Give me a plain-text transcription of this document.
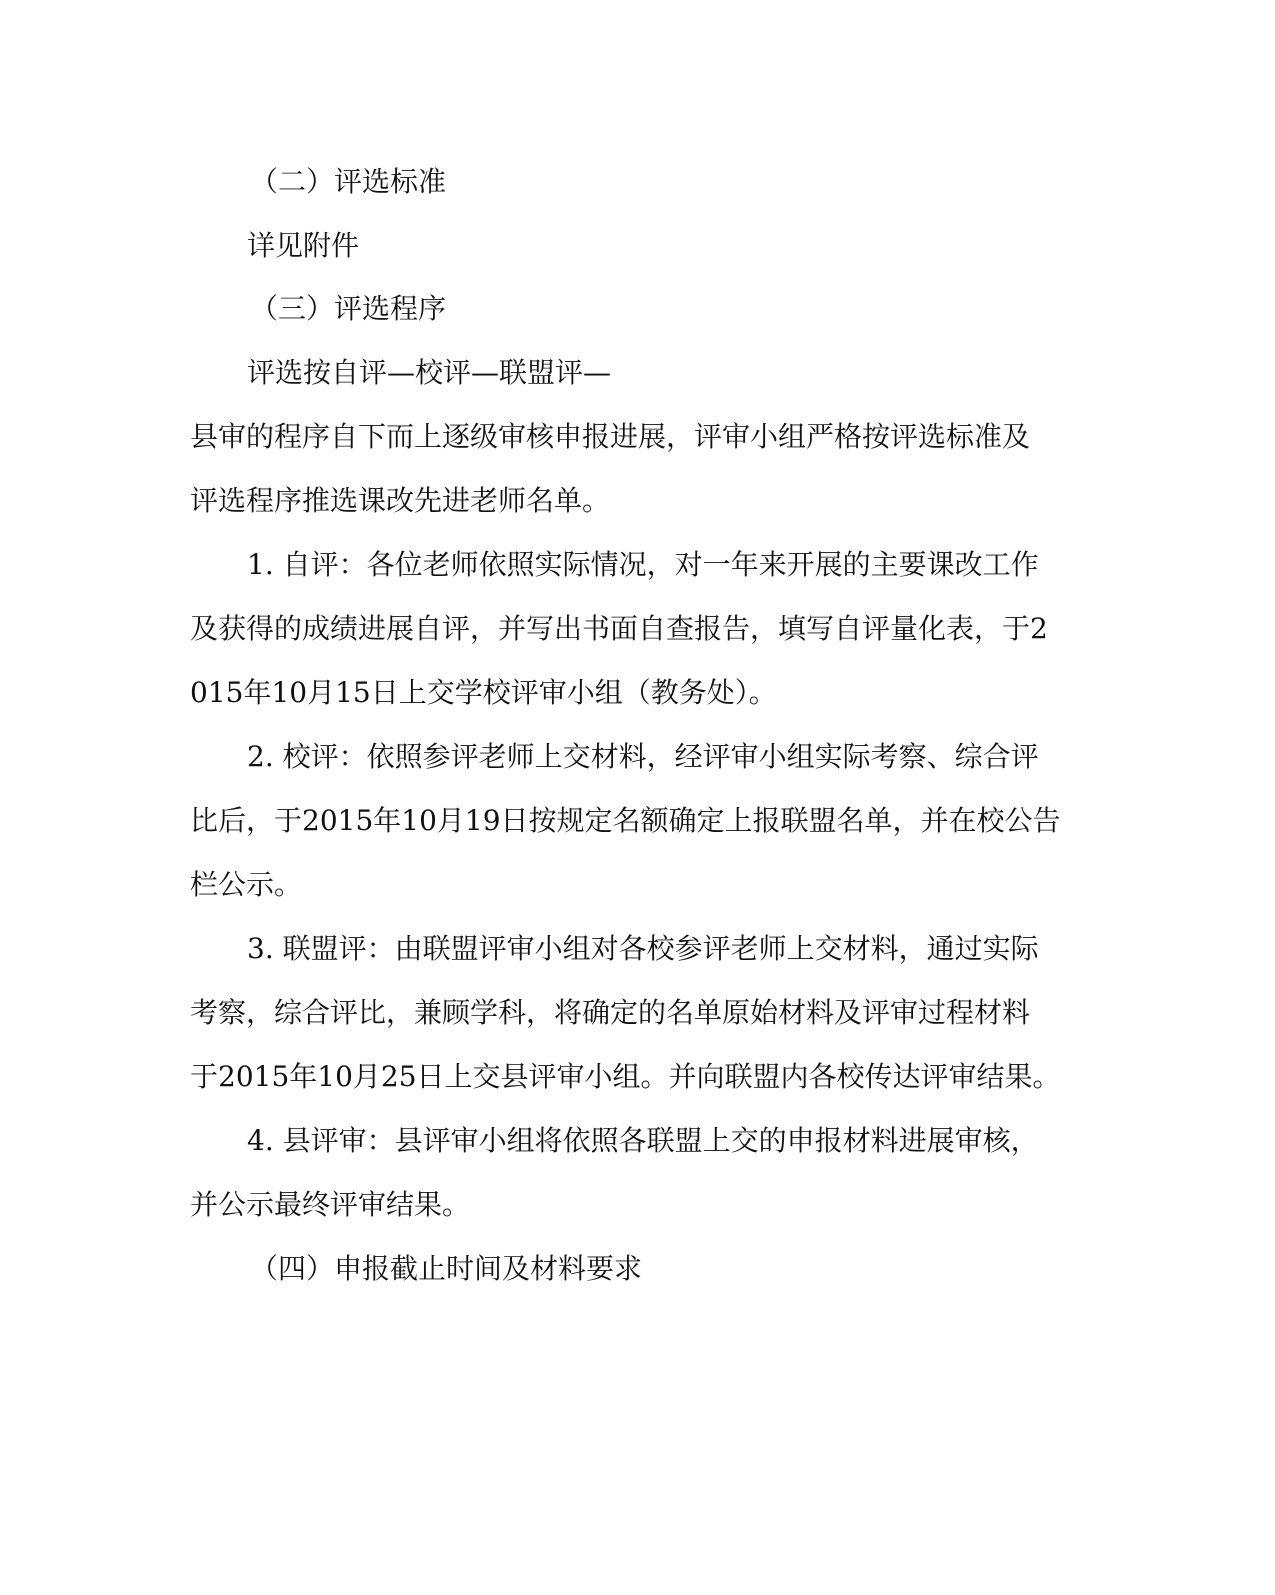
（二）评选标准
详见附件
（三）评选程序
评选按自评—校评—联盟评—
县审的程序自下而上逐级审核申报进展，评审小组严格按评选标准及
评选程序推选课改先进老师名单。
1. 自评：各位老师依照实际情况，对一年来开展的主要课改工作
及获得的成绩进展自评，并写出书面自查报告，填写自评量化表，于2
015年10月15日上交学校评审小组（教务处）。
2. 校评：依照参评老师上交材料，经评审小组实际考察、综合评
比后，于2015年10月19日按规定名额确定上报联盟名单，并在校公告
栏公示。
3. 联盟评：由联盟评审小组对各校参评老师上交材料，通过实际
考察，综合评比，兼顾学科，将确定的名单原始材料及评审过程材料
于2015年10月25日上交县评审小组。并向联盟内各校传达评审结果。
4. 县评审：县评审小组将依照各联盟上交的申报材料进展审核，
并公示最终评审结果。
（四）申报截止时间及材料要求
